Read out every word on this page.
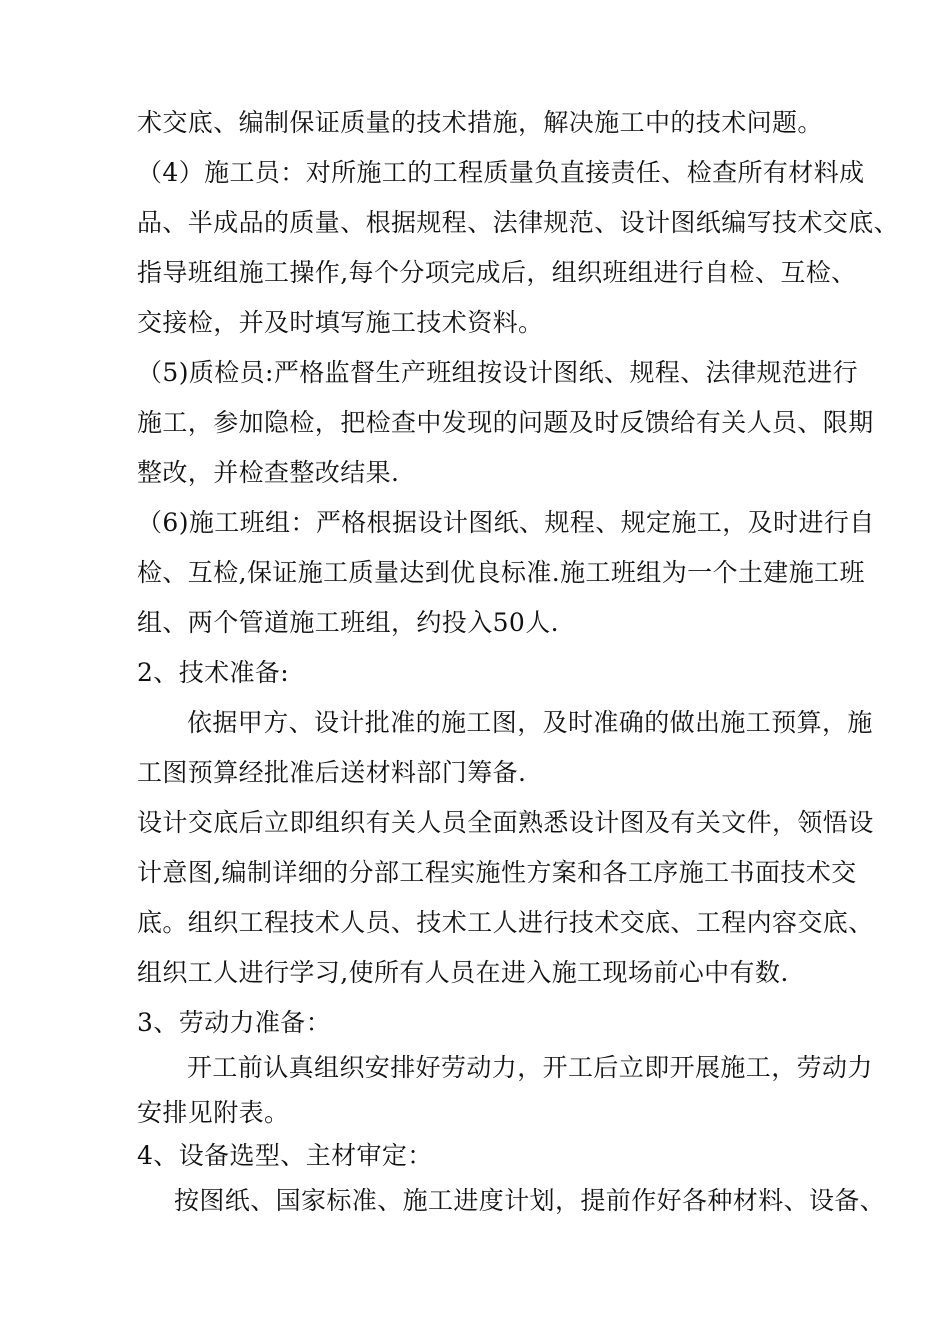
术交底、编制保证质量的技术措施，解决施工中的技术问题。
（4）施工员：对所施工的工程质量负直接责任、检查所有材料成
品、半成品的质量、根据规程、法律规范、设计图纸编写技术交底、
指导班组施工操作,每个分项完成后，组织班组进行自检、互检、
交接检，并及时填写施工技术资料。
（5)质检员:严格监督生产班组按设计图纸、规程、法律规范进行
施工，参加隐检，把检查中发现的问题及时反馈给有关人员、限期
整改，并检查整改结果.
（6)施工班组：严格根据设计图纸、规程、规定施工，及时进行自
检、互检,保证施工质量达到优良标准.施工班组为一个土建施工班
组、两个管道施工班组，约投入50人.
2、技术准备:
依据甲方、设计批准的施工图，及时准确的做出施工预算，施
工图预算经批准后送材料部门筹备.
设计交底后立即组织有关人员全面熟悉设计图及有关文件，领悟设
计意图,编制详细的分部工程实施性方案和各工序施工书面技术交
底。组织工程技术人员、技术工人进行技术交底、工程内容交底、
组织工人进行学习,使所有人员在进入施工现场前心中有数.
3、劳动力准备：
开工前认真组织安排好劳动力，开工后立即开展施工，劳动力
安排见附表。
4、设备选型、主材审定：
按图纸、国家标准、施工进度计划，提前作好各种材料、设备、
